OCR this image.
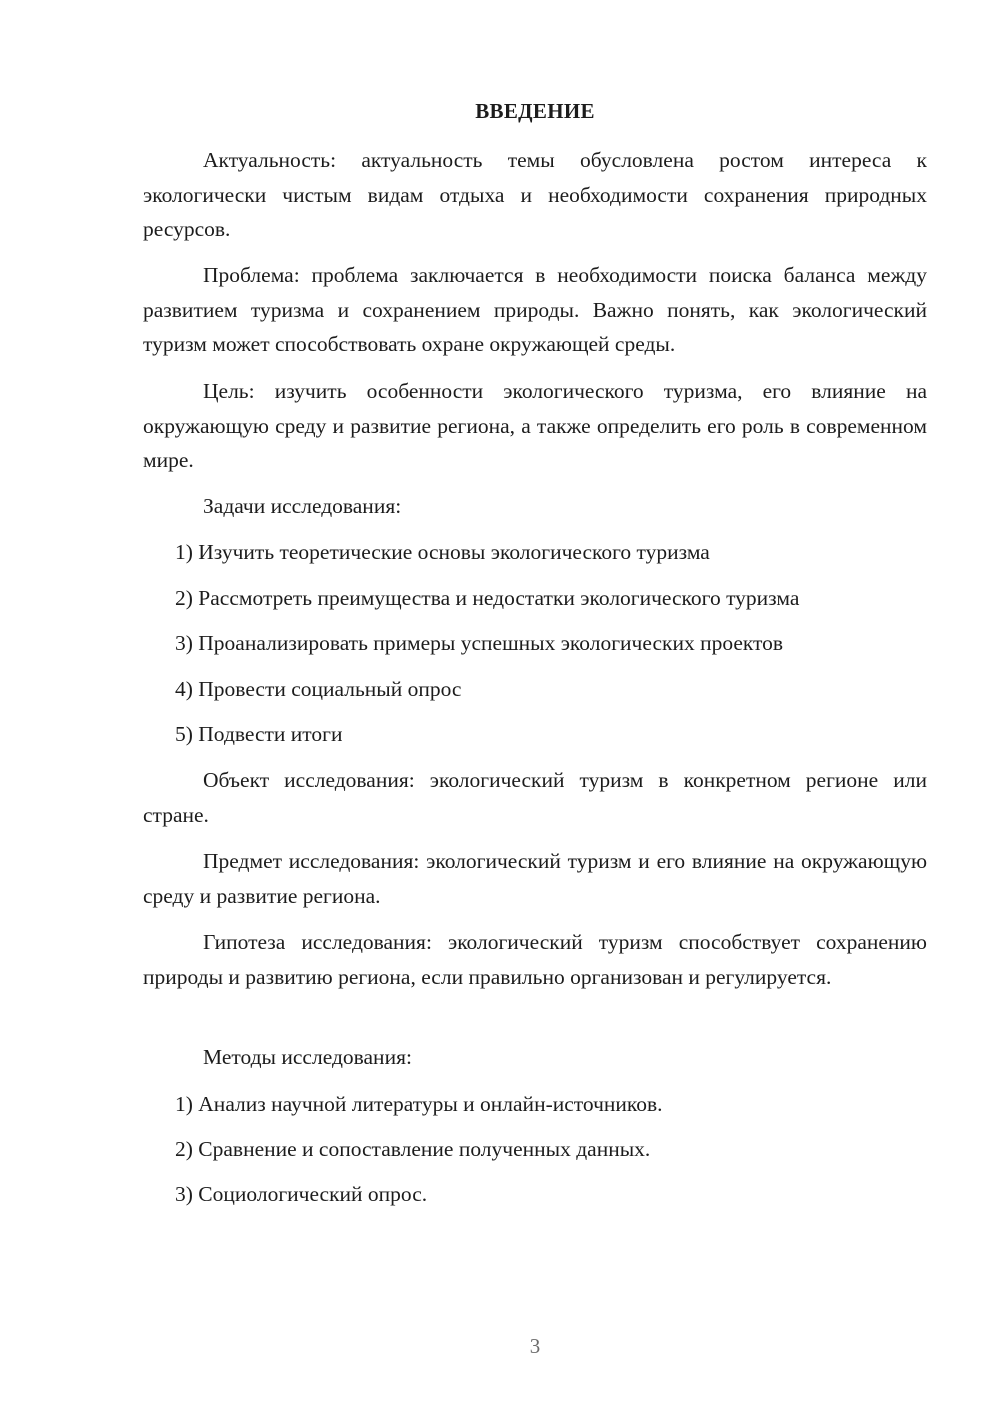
ВВЕДЕНИЕ

Актуальность: актуальность темы обусловлена ростом интереса к экологически чистым видам отдыха и необходимости сохранения природных ресурсов.

Проблема: проблема заключается в необходимости поиска баланса между развитием туризма и сохранением природы. Важно понять, как экологический туризм может способствовать охране окружающей среды.

Цель: изучить особенности экологического туризма, его влияние на окружающую среду и развитие региона, а также определить его роль в современном мире.

Задачи исследования:

1) Изучить теоретические основы экологического туризма

2) Рассмотреть преимущества и недостатки экологического туризма

3) Проанализировать примеры успешных экологических проектов

4) Провести социальный опрос

5) Подвести итоги

Объект исследования: экологический туризм в конкретном регионе или стране.

Предмет исследования: экологический туризм и его влияние на окружающую среду и развитие региона.

Гипотеза исследования: экологический туризм способствует сохранению природы и развитию региона, если правильно организован и регулируется.

Методы исследования:

1) Анализ научной литературы и онлайн-источников.

2) Сравнение и сопоставление полученных данных.

3) Социологический опрос.

3
